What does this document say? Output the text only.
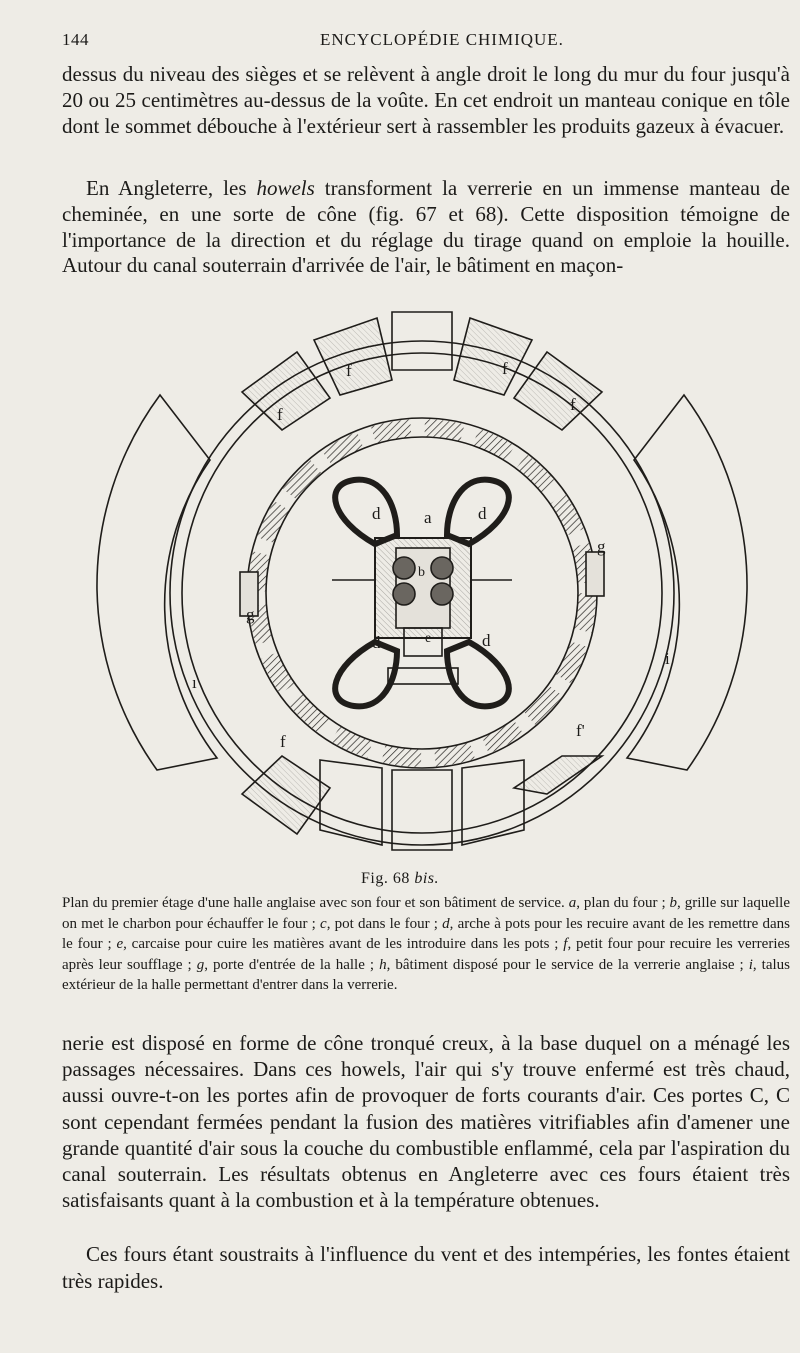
144	ENCYCLOPÉDIE CHIMIQUE.

dessus du niveau des sièges et se relèvent à angle droit le long du mur du four jusqu'à 20 ou 25 centimètres au-dessus de la voûte. En cet endroit un manteau conique en tôle dont le sommet débouche à l'extérieur sert à rassembler les produits gazeux à évacuer.

En Angleterre, les howels transforment la verrerie en un immense manteau de cheminée, en une sorte de cône (fig. 67 et 68). Cette disposition témoigne de l'importance de la direction et du réglage du tirage quand on emploie la houille. Autour du canal souterrain d'arrivée de l'air, le bâtiment en maçon-

f
f
f
f
f
f'
a
b
d	d
d	d
e
g
g
ı
i
Fig. 68 bis.

Plan du premier étage d'une halle anglaise avec son four et son bâtiment de service. a, plan du four ; b, grille sur laquelle on met le charbon pour échauffer le four ; c, pot dans le four ; d, arche à pots pour les recuire avant de les remettre dans le four ; e, carcaise pour cuire les matières avant de les introduire dans les pots ; f, petit four pour recuire les verreries après leur soufflage ; g, porte d'entrée de la halle ; h, bâtiment disposé pour le service de la verrerie anglaise ; i, talus extérieur de la halle permettant d'entrer dans la verrerie.

nerie est disposé en forme de cône tronqué creux, à la base duquel on a ménagé les passages nécessaires. Dans ces howels, l'air qui s'y trouve enfermé est très chaud, aussi ouvre-t-on les portes afin de provoquer de forts courants d'air. Ces portes C, C sont cependant fermées pendant la fusion des matières vitrifiables afin d'amener une grande quantité d'air sous la couche du combustible enflammé, cela par l'aspiration du canal souterrain. Les résultats obtenus en Angleterre avec ces fours étaient très satisfaisants quant à la combustion et à la température obtenues.

Ces fours étant soustraits à l'influence du vent et des intempéries, les fontes étaient très rapides.
